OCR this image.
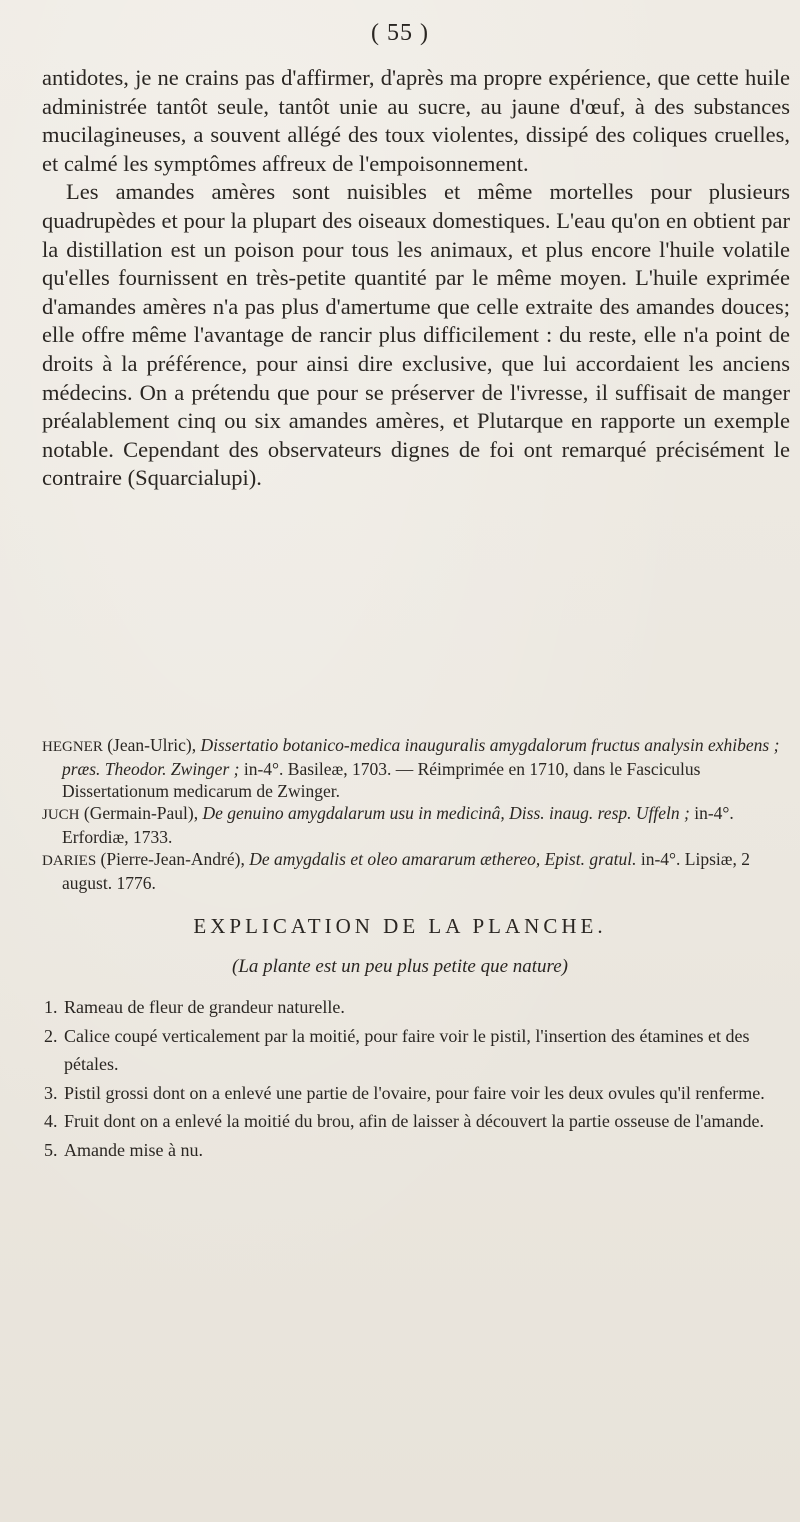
( 55 )

antidotes, je ne crains pas d'affirmer, d'après ma propre expérience, que cette huile administrée tantôt seule, tantôt unie au sucre, au jaune d'œuf, à des substances mucilagineuses, a souvent allégé des toux violentes, dissipé des coliques cruelles, et calmé les symptômes affreux de l'empoisonnement.

Les amandes amères sont nuisibles et même mortelles pour plusieurs quadrupèdes et pour la plupart des oiseaux domestiques. L'eau qu'on en obtient par la distillation est un poison pour tous les animaux, et plus encore l'huile volatile qu'elles fournissent en très-petite quantité par le même moyen. L'huile exprimée d'amandes amères n'a pas plus d'amertume que celle extraite des amandes douces; elle offre même l'avantage de rancir plus difficilement : du reste, elle n'a point de droits à la préférence, pour ainsi dire exclusive, que lui accordaient les anciens médecins. On a prétendu que pour se préserver de l'ivresse, il suffisait de manger préalablement cinq ou six amandes amères, et Plutarque en rapporte un exemple notable. Cependant des observateurs dignes de foi ont remarqué précisément le contraire (Squarcialupi).

HEGNER (Jean-Ulric), Dissertatio botanico-medica inauguralis amygdalorum fructus analysin exhibens ; præs. Theodor. Zwinger ; in-4°. Basileæ, 1703. — Réimprimée en 1710, dans le Fasciculus Dissertationum medicarum de Zwinger.

JUCH (Germain-Paul), De genuino amygdalarum usu in medicinâ, Diss. inaug. resp. Uffeln ; in-4°. Erfordiæ, 1733.

DARIES (Pierre-Jean-André), De amygdalis et oleo amararum æthereo, Epist. gratul. in-4°. Lipsiæ, 2 august. 1776.

EXPLICATION DE LA PLANCHE.
(La plante est un peu plus petite que nature)
1. Rameau de fleur de grandeur naturelle.
2. Calice coupé verticalement par la moitié, pour faire voir le pistil, l'insertion des étamines et des pétales.
3. Pistil grossi dont on a enlevé une partie de l'ovaire, pour faire voir les deux ovules qu'il renferme.
4. Fruit dont on a enlevé la moitié du brou, afin de laisser à découvert la partie osseuse de l'amande.
5. Amande mise à nu.
